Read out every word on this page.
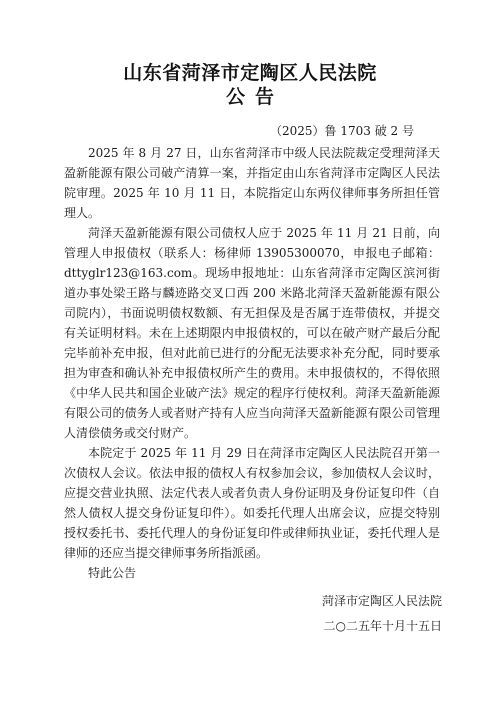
山东省菏泽市定陶区人民法院
公告
（2025）鲁 1703 破 2 号

2025 年 8 月 27 日，山东省菏泽市中级人民法院裁定受理菏泽天盈新能源有限公司破产清算一案，并指定由山东省菏泽市定陶区人民法院审理。2025 年 10 月 11 日，本院指定山东两仪律师事务所担任管理人。

菏泽天盈新能源有限公司债权人应于 2025 年 11 月 21 日前，向管理人申报债权（联系人：杨律师 13905300070，申报电子邮箱：dttyglr123@163.com。现场申报地址：山东省菏泽市定陶区滨河街道办事处梁王路与麟迹路交叉口西 200 米路北菏泽天盈新能源有限公司院内），书面说明债权数额、有无担保及是否属于连带债权，并提交有关证明材料。未在上述期限内申报债权的，可以在破产财产最后分配完毕前补充申报，但对此前已进行的分配无法要求补充分配，同时要承担为审查和确认补充申报债权所产生的费用。未申报债权的，不得依照《中华人民共和国企业破产法》规定的程序行使权利。菏泽天盈新能源有限公司的债务人或者财产持有人应当向菏泽天盈新能源有限公司管理人清偿债务或交付财产。

本院定于 2025 年 11 月 29 日在菏泽市定陶区人民法院召开第一次债权人会议。依法申报的债权人有权参加会议，参加债权人会议时，应提交营业执照、法定代表人或者负责人身份证明及身份证复印件（自然人债权人提交身份证复印件）。如委托代理人出席会议，应提交特别授权委托书、委托代理人的身份证复印件或律师执业证，委托代理人是律师的还应当提交律师事务所指派函。

特此公告

菏泽市定陶区人民法院
二○二五年十月十五日
